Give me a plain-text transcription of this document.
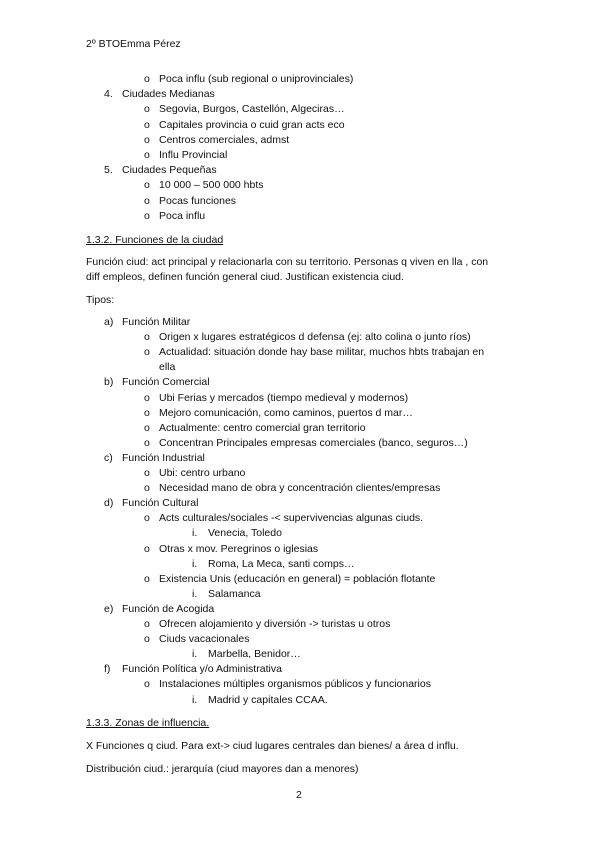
2º BTOEmma Pérez
o Poca influ (sub regional o uniprovinciales)
4. Ciudades Medianas
o Segovia, Burgos, Castellón, Algeciras…
o Capitales provincia o cuid gran acts eco
o Centros comerciales, admst
o Influ Provincial
5. Ciudades Pequeñas
o 10 000 – 500 000 hbts
o Pocas funciones
o Poca influ
1.3.2. Funciones de la ciudad
Función ciud: act principal y relacionarla con su territorio. Personas q viven en lla , con
diff empleos, definen función general ciud. Justifican existencia ciud.
Tipos:
a) Función Militar
o Origen x lugares estratégicos d defensa (ej: alto colina o junto ríos)
o Actualidad: situación donde hay base militar, muchos hbts trabajan en
ella
b) Función Comercial
o Ubi Ferias y mercados (tiempo medieval y modernos)
o Mejoro comunicación, como caminos, puertos d mar…
o Actualmente: centro comercial gran territorio
o Concentran Principales empresas comerciales (banco, seguros…)
c) Función Industrial
o Ubi: centro urbano
o Necesidad mano de obra y concentración clientes/empresas
d) Función Cultural
o Acts culturales/sociales -< supervivencias algunas ciuds.
i. Venecia, Toledo
o Otras x mov. Peregrinos o iglesias
i. Roma, La Meca, santi comps…
o Existencia Unis (educación en general) = población flotante
i. Salamanca
e) Función de Acogida
o Ofrecen alojamiento y diversión -> turistas u otros
o Ciuds vacacionales
i. Marbella, Benidor…
f) Función Política y/o Administrativa
o Instalaciones múltiples organismos públicos y funcionarios
i. Madrid y capitales CCAA.
1.3.3. Zonas de influencia.
X Funciones q ciud. Para ext-> ciud lugares centrales dan bienes/ a área d influ.
Distribución ciud.: jerarquía (ciud mayores dan a menores)
2
